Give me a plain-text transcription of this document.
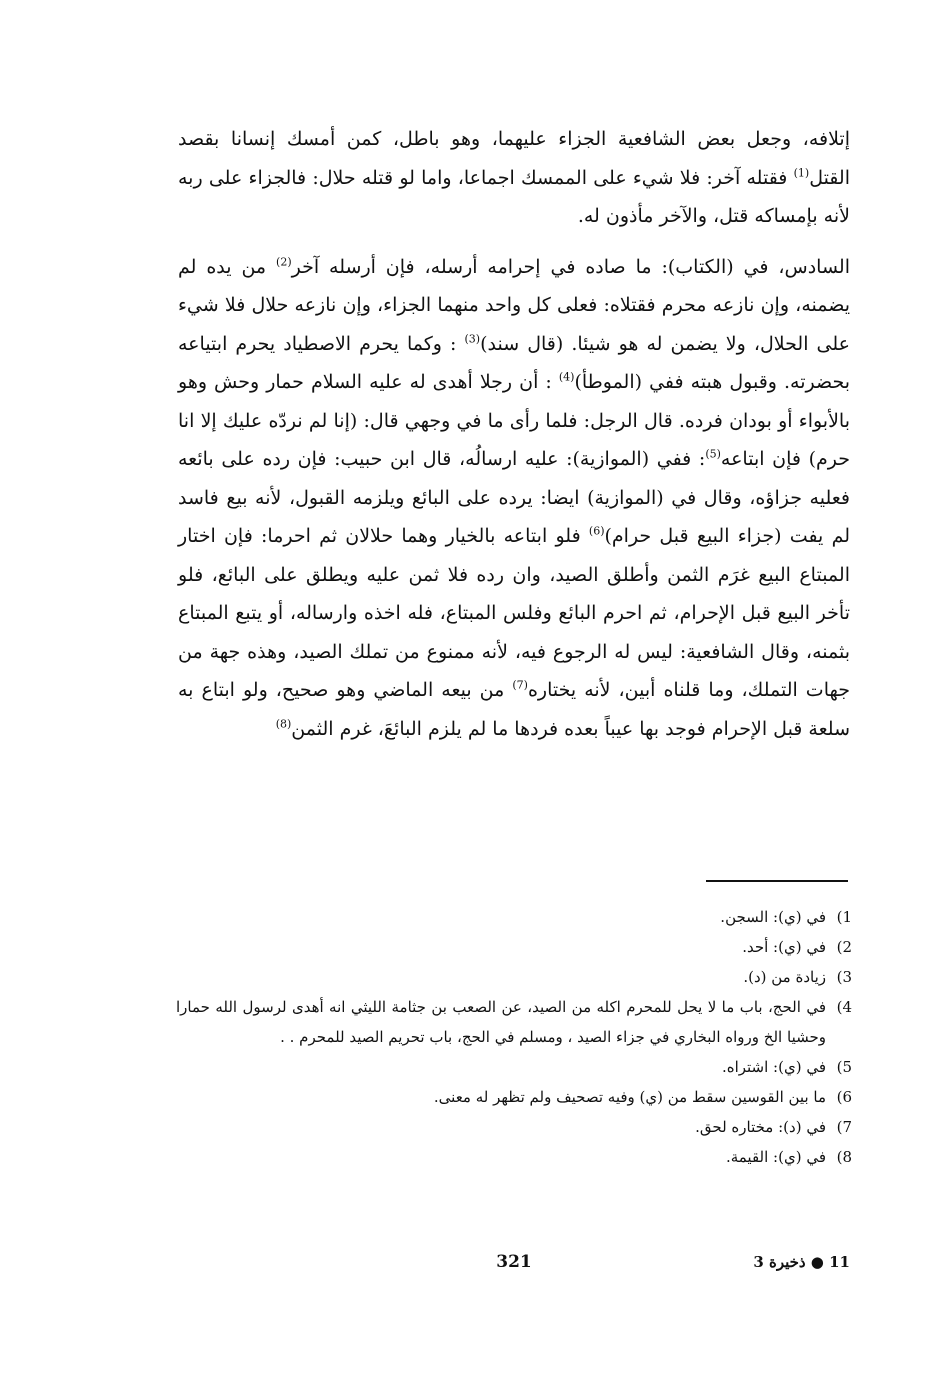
إتلافه، وجعل بعض الشافعية الجزاء عليهما، وهو باطل، كمن أمسك إنسانا بقصد القتل$^{(1)}$ فقتله آخر: فلا شيء على الممسك اجماعا، واما لو قتله حلال: فالجزاء على ربه لأنه بإمساكه قتل، والآخر مأذون له.

السادس، في (الكتاب): ما صاده في إحرامه أرسله، فإن أرسله آخر$^{(2)}$ من يده لم يضمنه، وإن نازعه محرم فقتلاه: فعلى كل واحد منهما الجزاء، وإن نازعه حلال فلا شيء على الحلال، ولا يضمن له هو شيئا. (قال سند)$^{(3)}$ : وكما يحرم الاصطياد يحرم ابتياعه بحضرته. وقبول هبته ففي (الموطأ)$^{(4)}$ : أن رجلا أهدى له عليه السلام حمار وحش وهو بالأبواء أو بودان فرده. قال الرجل: فلما رأى ما في وجهي قال: (إنا لم نردّه عليك إلا انا حرم) فإن ابتاعه$^{(5)}$: ففي (الموازية): عليه ارسالُه، قال ابن حبيب: فإن رده على بائعه فعليه جزاؤه، وقال في (الموازية) ايضا: يرده على البائع ويلزمه القبول، لأنه بيع فاسد لم يفت (جزاء البيع قبل حرام)$^{(6)}$ فلو ابتاعه بالخيار وهما حلالان ثم احرما: فإن اختار المبتاع البيع غرَم الثمن وأطلق الصيد، وان رده فلا ثمن عليه ويطلق على البائع، فلو تأخر البيع قبل الإحرام، ثم احرم البائع وفلس المبتاع، فله اخذه وارساله، أو يتبع المبتاع بثمنه، وقال الشافعية: ليس له الرجوع فيه، لأنه ممنوع من تملك الصيد، وهذه جهة من جهات التملك، وما قلناه أبين، لأنه يختاره$^{(7)}$ من بيعه الماضي وهو صحيح، ولو ابتاع به سلعة قبل الإحرام فوجد بها عيباً بعده فردها ما لم يلزم البائعَ، غرم الثمن$^{(8)}$

1)
في (ي): السجن.
2)
في (ي): أحد.
3)
زيادة من (د).
4)
في الحج، باب ما لا يحل للمحرم اكله من الصيد، عن الصعب بن جثامة الليثي انه أهدى لرسول الله حمارا وحشيا الخ ورواه البخاري في جزاء الصيد ، ومسلم في الحج، باب تحريم الصيد للمحرم . .
5)
في (ي): اشتراه.
6)
ما بين القوسين سقط من (ي) وفيه تصحيف ولم تظهر له معنى.
7)
في (د): مختاره لحق.
8)
في (ي): القيمة.
321	11 ● ذخيرة 3
